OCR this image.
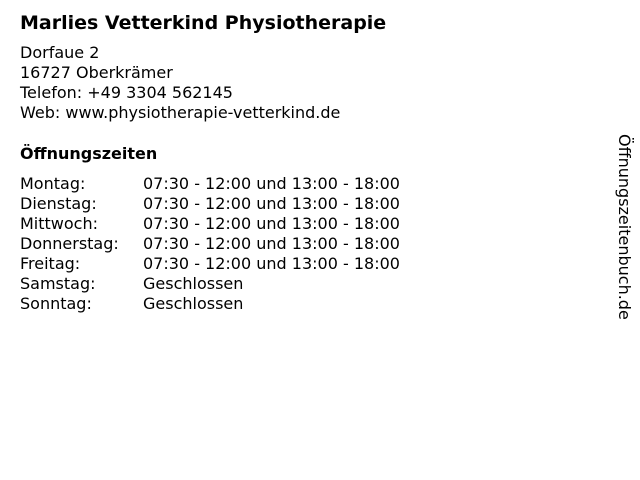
Marlies Vetterkind Physiotherapie
Dorfaue 2
16727 Oberkrämer
Telefon: +49 3304 562145
Web: www.physiotherapie-vetterkind.de
Öffnungszeiten
Montag:	07:30 - 12:00 und 13:00 - 18:00
Dienstag:	07:30 - 12:00 und 13:00 - 18:00
Mittwoch:	07:30 - 12:00 und 13:00 - 18:00
Donnerstag: 07:30 - 12:00 und 13:00 - 18:00
Freitag:	07:30 - 12:00 und 13:00 - 18:00
Samstag:	Geschlossen
Sonntag:	Geschlossen	Öffnungszeitenbuch.de
